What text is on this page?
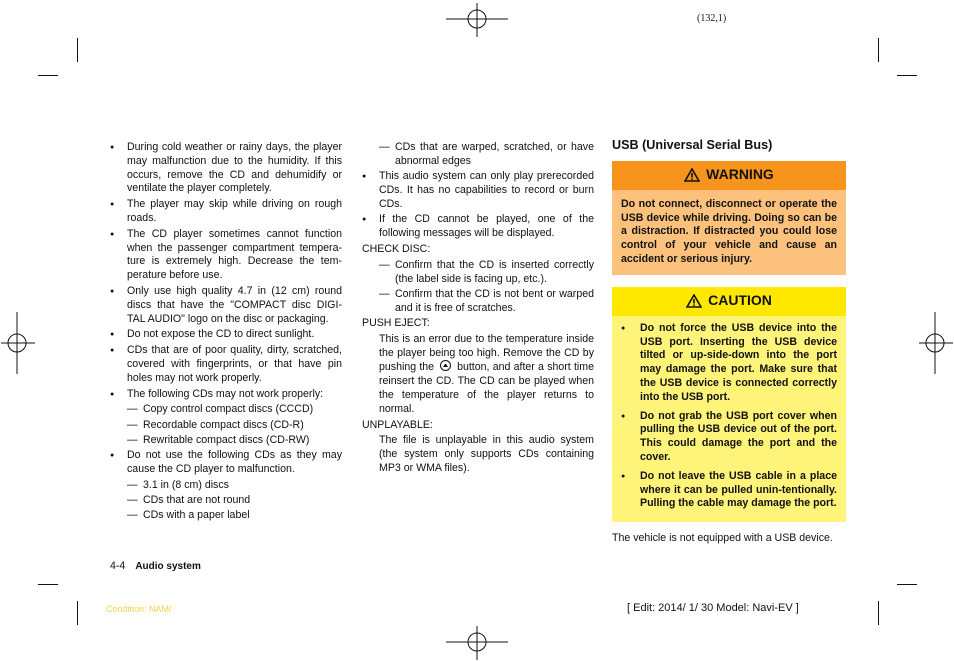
(132,1)
● During cold weather or rainy days, the player may malfunction due to the humidity. If this occurs, remove the CD and dehumidify or ventilate the player completely.
● The player may skip while driving on rough roads.
● The CD player sometimes cannot function when the passenger compartment tempera-ture is extremely high. Decrease the tem-perature before use.
● Only use high quality 4.7 in (12 cm) round discs that have the "COMPACT disc DIGI-TAL AUDIO" logo on the disc or packaging.
● Do not expose the CD to direct sunlight.
● CDs that are of poor quality, dirty, scratched, covered with fingerprints, or that have pin holes may not work properly.
● The following CDs may not work properly:
— Copy control compact discs (CCCD)
— Recordable compact discs (CD-R)
— Rewritable compact discs (CD-RW)
● Do not use the following CDs as they may cause the CD player to malfunction.
— 3.1 in (8 cm) discs
— CDs that are not round
— CDs with a paper label
— CDs that are warped, scratched, or have abnormal edges
● This audio system can only play prerecorded CDs. It has no capabilities to record or burn CDs.
● If the CD cannot be played, one of the following messages will be displayed.
CHECK DISC:
— Confirm that the CD is inserted correctly (the label side is facing up, etc.).
— Confirm that the CD is not bent or warped and it is free of scratches.
PUSH EJECT:
This is an error due to the temperature inside the player being too high. Remove the CD by pushing the button, and after a short time reinsert the CD. The CD can be played when the temperature of the player returns to normal.
UNPLAYABLE:
The file is unplayable in this audio system (the system only supports CDs containing MP3 or WMA files).
USB (Universal Serial Bus)
WARNING
Do not connect, disconnect or operate the USB device while driving. Doing so can be a distraction. If distracted you could lose control of your vehicle and cause an accident or serious injury.
CAUTION
● Do not force the USB device into the USB port. Inserting the USB device tilted or up-side-down into the port may damage the port. Make sure that the USB device is connected correctly into the USB port.
● Do not grab the USB port cover when pulling the USB device out of the port. This could damage the port and the cover.
● Do not leave the USB cable in a place where it can be pulled unin-tentionally. Pulling the cable may damage the port.
The vehicle is not equipped with a USB device.
4-4 Audio system
Condition: NAM/	[ Edit: 2014/ 1/ 30 Model: Navi-EV ]
